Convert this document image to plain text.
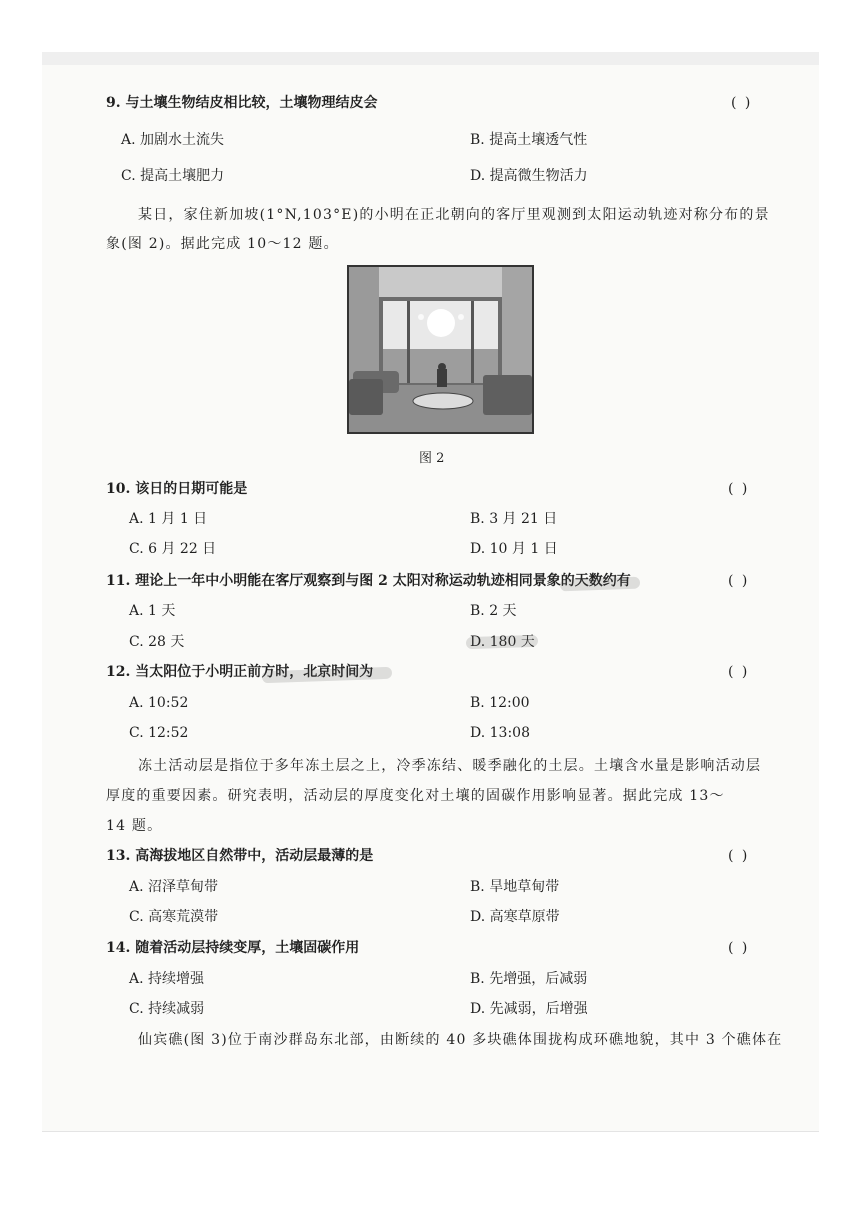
9. 与土壤生物结皮相比较，土壤物理结皮会	( )
A. 加剧水土流失	B. 提高土壤透气性
C. 提高土壤肥力	D. 提高微生物活力
某日，家住新加坡(1°N,103°E)的小明在正北朝向的客厅里观测到太阳运动轨迹对称分布的景
象(图 2)。据此完成 10～12 题。
图 2
10. 该日的日期可能是	( )
A. 1 月 1 日	B. 3 月 21 日
C. 6 月 22 日	D. 10 月 1 日
11. 理论上一年中小明能在客厅观察到与图 2 太阳对称运动轨迹相同景象的天数约有	( )
A. 1 天	B. 2 天
C. 28 天	D. 180 天
12. 当太阳位于小明正前方时，北京时间为	( )
A. 10:52	B. 12:00
C. 12:52	D. 13:08
冻土活动层是指位于多年冻土层之上，冷季冻结、暖季融化的土层。土壤含水量是影响活动层
厚度的重要因素。研究表明，活动层的厚度变化对土壤的固碳作用影响显著。据此完成 13～
14 题。
13. 高海拔地区自然带中，活动层最薄的是	( )
A. 沼泽草甸带	B. 旱地草甸带
C. 高寒荒漠带	D. 高寒草原带
14. 随着活动层持续变厚，土壤固碳作用	( )
A. 持续增强	B. 先增强，后减弱
C. 持续减弱	D. 先减弱，后增强
仙宾礁(图 3)位于南沙群岛东北部，由断续的 40 多块礁体围拢构成环礁地貌，其中 3 个礁体在
